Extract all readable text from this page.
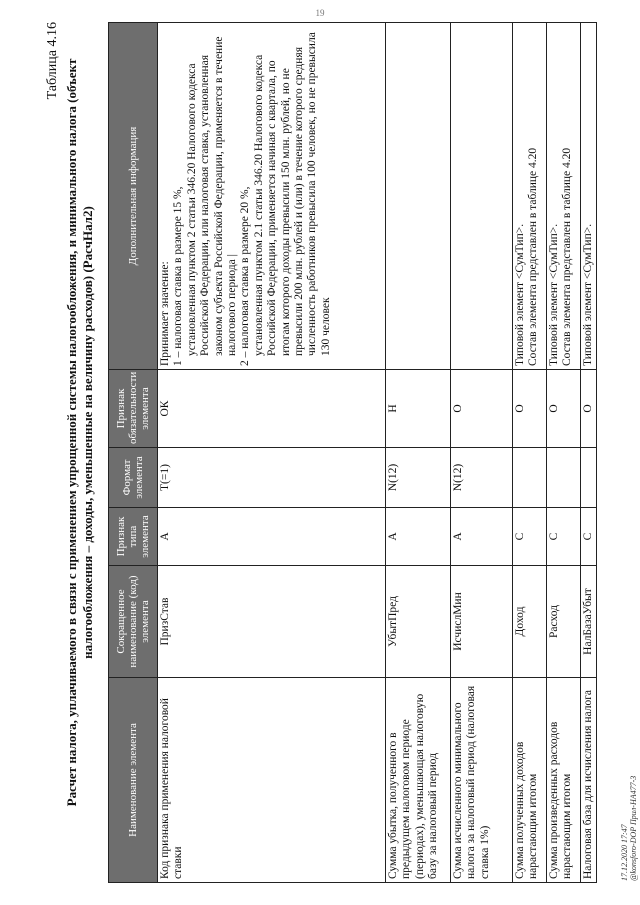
19
Таблица 4.16 Расчет налога, уплачиваемого в связи с применением упрощенной системы налогообложения, и минимального налога (объект налогообложения – доходы, уменьшенные на величину расходов) (РасчНал2)
Наименование элемента	Сокращенное наименование (код) элемента	Признак типа элемента	Формат элемента	Признак обязательности элемента	Дополнительная информация
Код признака применения налоговой ставки	ПризСтав	А	T(=1)	ОК	Принимает значение: 1 – налоговая ставка в размере 15 %, установленная пунктом 2 статьи 346.20 Налогового кодекса Российской Федерации, или налоговая ставка, установленная законом субъекта Российской Федерации, применяется в течение налогового периода | 2 – налоговая ставка в размере 20 %, установленная пунктом 2.1 статьи 346.20 Налогового кодекса Российской Федерации, применяется начиная с квартала, по итогам которого доходы превысили 150 млн. рублей, но не превысили 200 млн. рублей и (или) в течение которого средняя численность работников превысила 100 человек, но не превысила 130 человек

Сумма убытка, полученного в предыдущем налоговом периоде (периодах), уменьшающая налоговую базу за налоговый период	УбытПред	А	N(12)	Н	
Сумма исчисленного минимального налога за налоговый период (налоговая ставка 1%)	ИсчислМин	А	N(12)	О	
Сумма полученных доходов нарастающим итогом	Доход	С		О	Типовой элемент <СумТип>. Состав элемента представлен в таблице 4.20

Сумма произведенных расходов нарастающим итогом	Расход	С		О	Типовой элемент <СумТип>. Состав элемента представлен в таблице 4.20

Налоговая база для исчисления налога	НалБазаУбыт	С		О	Типовой элемент <СумТип>.
17.12.2020 17:47 @konsforo-DOP Прил-НА477-3
